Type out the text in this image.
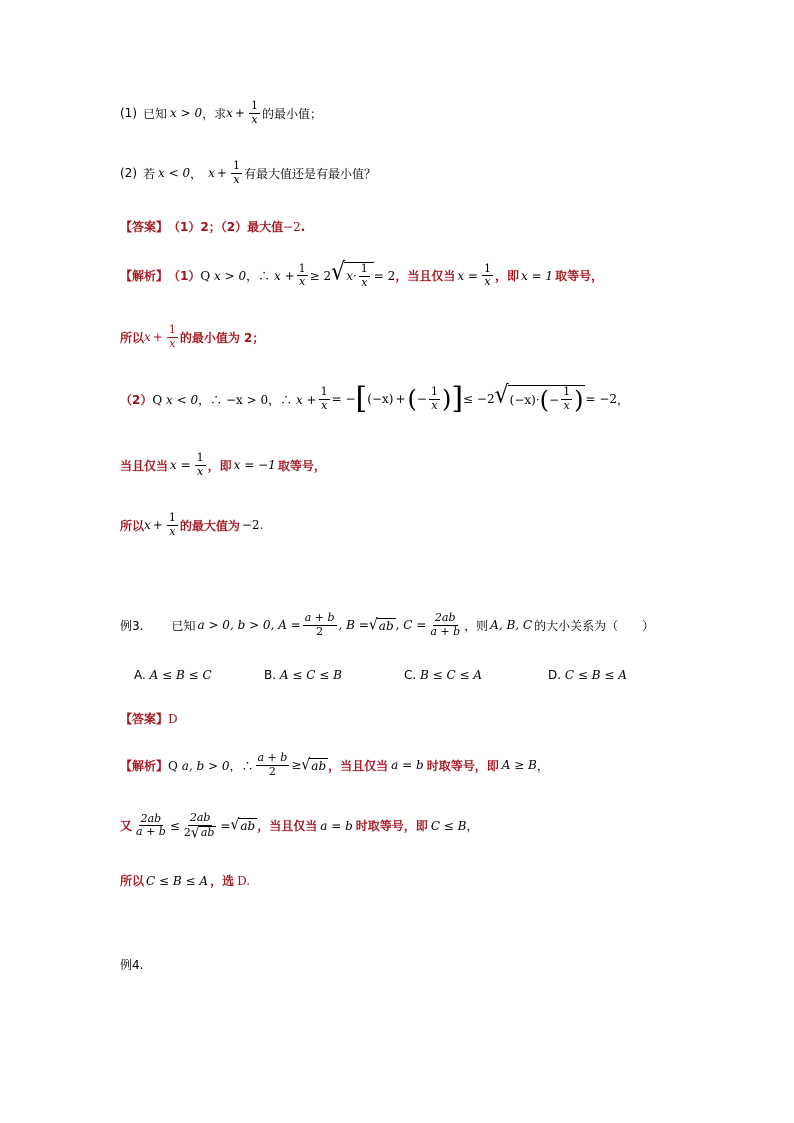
(1) 已知 x > 0 ，求 $x + \frac{1}{x}$ 的最小值；
(2) 若 x < 0 ， $x + \frac{1}{x}$ 有最大值还是有最小值？
【答案】 （1）2；（2）最大值 −2 .
【解析】 （1） Q x > 0，∴ $x + \frac{1}{x} \ge 2$ √ $x\cdot \frac{1}{x} = 2$ ，当且仅当 $x = \frac{1}{x}$ ，即 x = 1 取等号，
所以 $x + \frac{1}{x}$ 的最小值为 2；
（2） Q x < 0，∴ −x > 0，∴ $x + \frac{1}{x}$ = − [ (−x) + ( − $\frac{1}{x}$ ) ] ≤ −2 √ (−x) · ( − $\frac{1}{x}$ ) = −2 ，
当且仅当 $x = \frac{1}{x}$ ，即 x = −1 取等号，
所以 $x + \frac{1}{x}$ 的最大值为 −2 .
例3. 已知 a > 0, b > 0, $A = \frac{a + b}{2}$ , B = √ ab , $C = \frac{2ab}{a + b}$ ，则 A, B, C 的大小关系为（　　）
A. A ≤ B ≤ C	B. A ≤ C ≤ B	C. B ≤ C ≤ A	D. C ≤ B ≤ A
【答案】 D
【解析】 Q a, b > 0，∴ $\frac{a + b}{2}$ ≥ √ ab ，当且仅当 a = b 时取等号，即 A ≥ B ，
又 $\frac{2ab}{a + b} \le \frac{2ab}{2 √ ab}$ = √ ab ，当且仅当 a = b 时取等号，即 C ≤ B ，
所以 C ≤ B ≤ A ，选 D.
例4.
